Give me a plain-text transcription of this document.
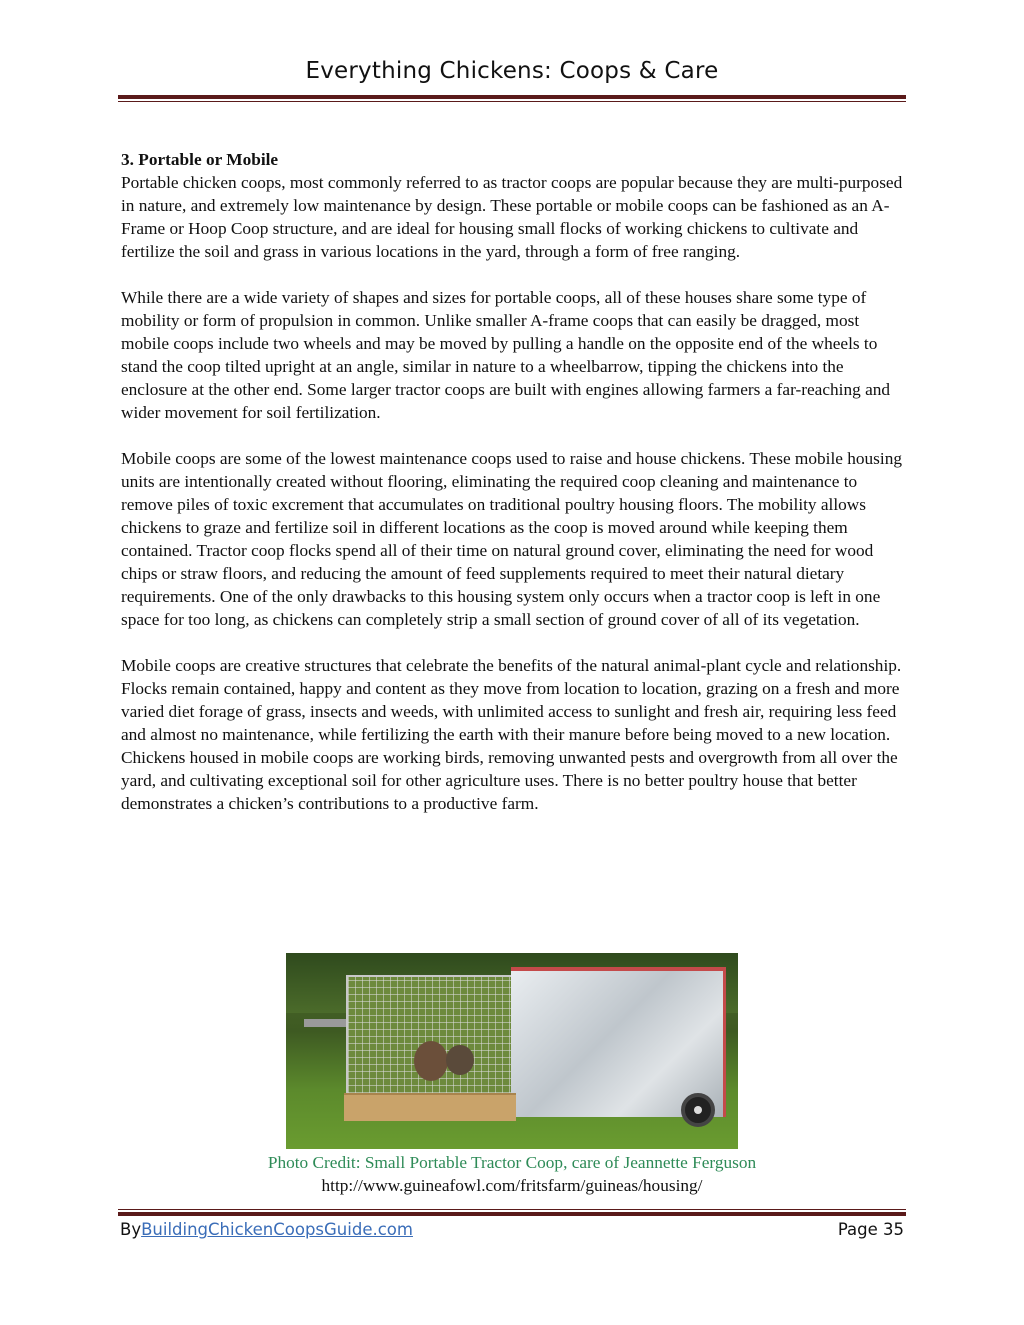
Everything Chickens: Coops & Care
3. Portable or Mobile

Portable chicken coops, most commonly referred to as tractor coops are popular because they are multi-purposed in nature, and extremely low maintenance by design. These portable or mobile coops can be fashioned as an A-Frame or Hoop Coop structure, and are ideal for housing small flocks of working chickens to cultivate and fertilize the soil and grass in various locations in the yard, through a form of free ranging.

While there are a wide variety of shapes and sizes for portable coops, all of these houses share some type of mobility or form of propulsion in common. Unlike smaller A-frame coops that can easily be dragged, most mobile coops include two wheels and may be moved by pulling a handle on the opposite end of the wheels to stand the coop tilted upright at an angle, similar in nature to a wheelbarrow, tipping the chickens into the enclosure at the other end. Some larger tractor coops are built with engines allowing farmers a far-reaching and wider movement for soil fertilization.

Mobile coops are some of the lowest maintenance coops used to raise and house chickens. These mobile housing units are intentionally created without flooring, eliminating the required coop cleaning and maintenance to remove piles of toxic excrement that accumulates on traditional poultry housing floors. The mobility allows chickens to graze and fertilize soil in different locations as the coop is moved around while keeping them contained. Tractor coop flocks spend all of their time on natural ground cover, eliminating the need for wood chips or straw floors, and reducing the amount of feed supplements required to meet their natural dietary requirements. One of the only drawbacks to this housing system only occurs when a tractor coop is left in one space for too long, as chickens can completely strip a small section of ground cover of all of its vegetation.

Mobile coops are creative structures that celebrate the benefits of the natural animal-plant cycle and relationship. Flocks remain contained, happy and content as they move from location to location, grazing on a fresh and more varied diet forage of grass, insects and weeds, with unlimited access to sunlight and fresh air, requiring less feed and almost no maintenance, while fertilizing the earth with their manure before being moved to a new location. Chickens housed in mobile coops are working birds, removing unwanted pests and overgrowth from all over the yard, and cultivating exceptional soil for other agriculture uses. There is no better poultry house that better demonstrates a chicken’s contributions to a productive farm.

Photo Credit: Small Portable Tractor Coop, care of Jeannette Ferguson
http://www.guineafowl.com/fritsfarm/guineas/housing/
ByBuildingChickenCoopsGuide.com	Page 35
